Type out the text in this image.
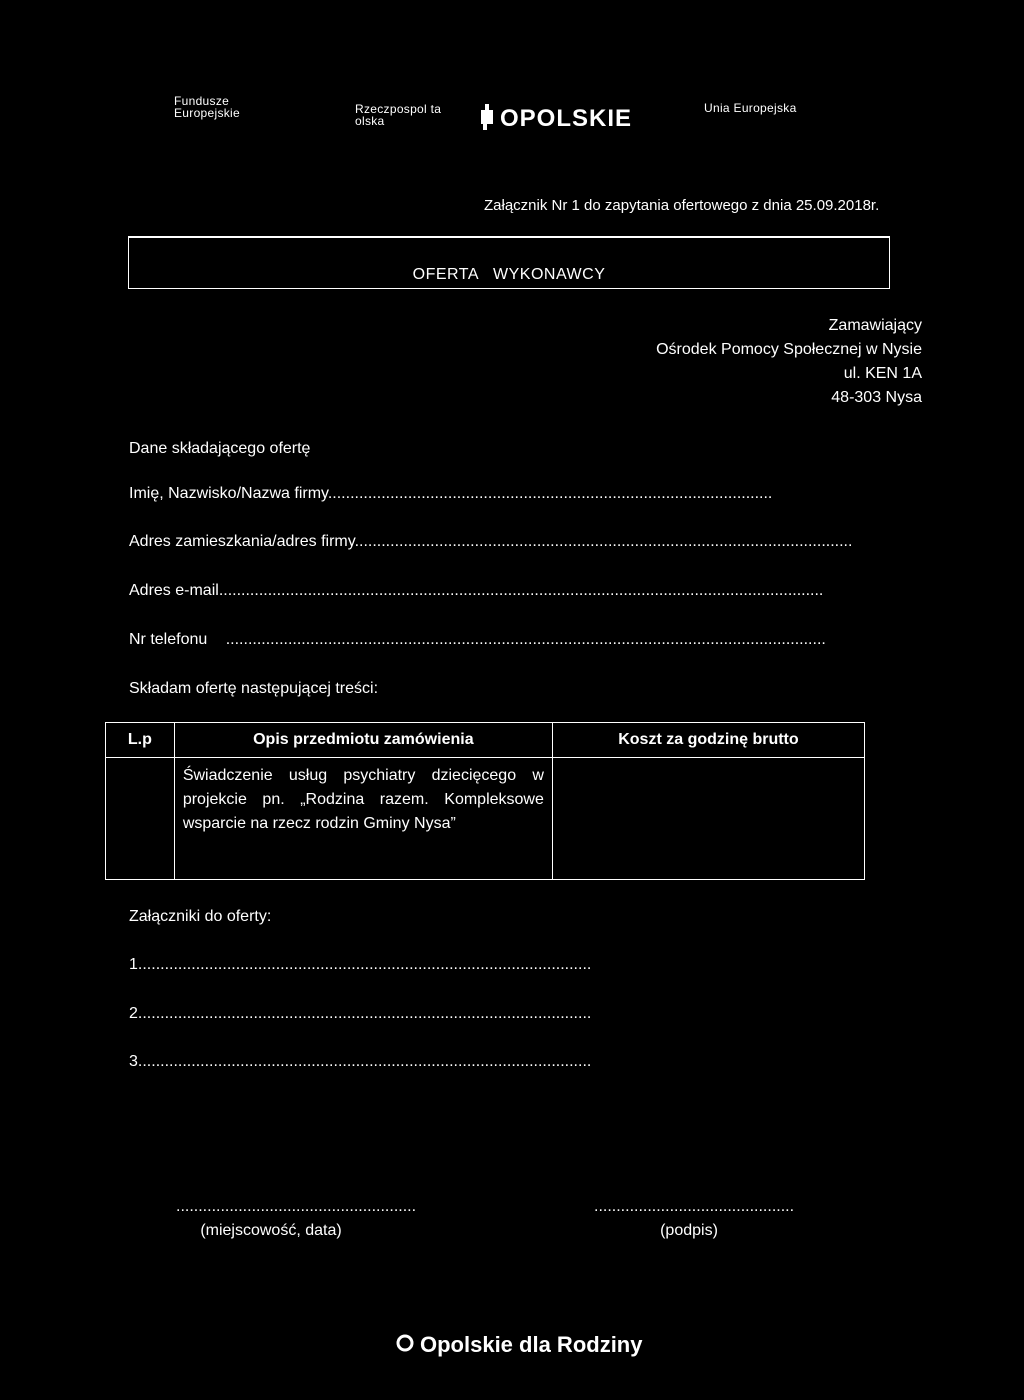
Fundusze
Europejskie	Rzeczpospol ta
olska	OPOLSKIE	Unia Europejska
Załącznik Nr 1 do zapytania ofertowego z dnia 25.09.2018r.
OFERTA   WYKONAWCY
Zamawiający
Ośrodek Pomocy Społecznej w Nysie
ul. KEN 1A
48-303 Nysa
Dane składającego ofertę
Imię, Nazwisko/Nazwa firmy....................................................................................................
Adres zamieszkania/adres firmy................................................................................................................
Adres e-mail........................................................................................................................................
Nr telefonu .......................................................................................................................................
Składam ofertę następującej treści:
L.p	Opis przedmiotu zamówienia	Koszt za godzinę brutto
	Świadczenie usług psychiatry dziecięcego w projekcie pn. „Rodzina razem. Kompleksowe wsparcie na rzecz rodzin Gminy Nysa”	
Załączniki do oferty:
1......................................................................................................
2......................................................................................................
3......................................................................................................
......................................................
(miejscowość, data)
.............................................
(podpis)
Opolskie dla Rodziny
